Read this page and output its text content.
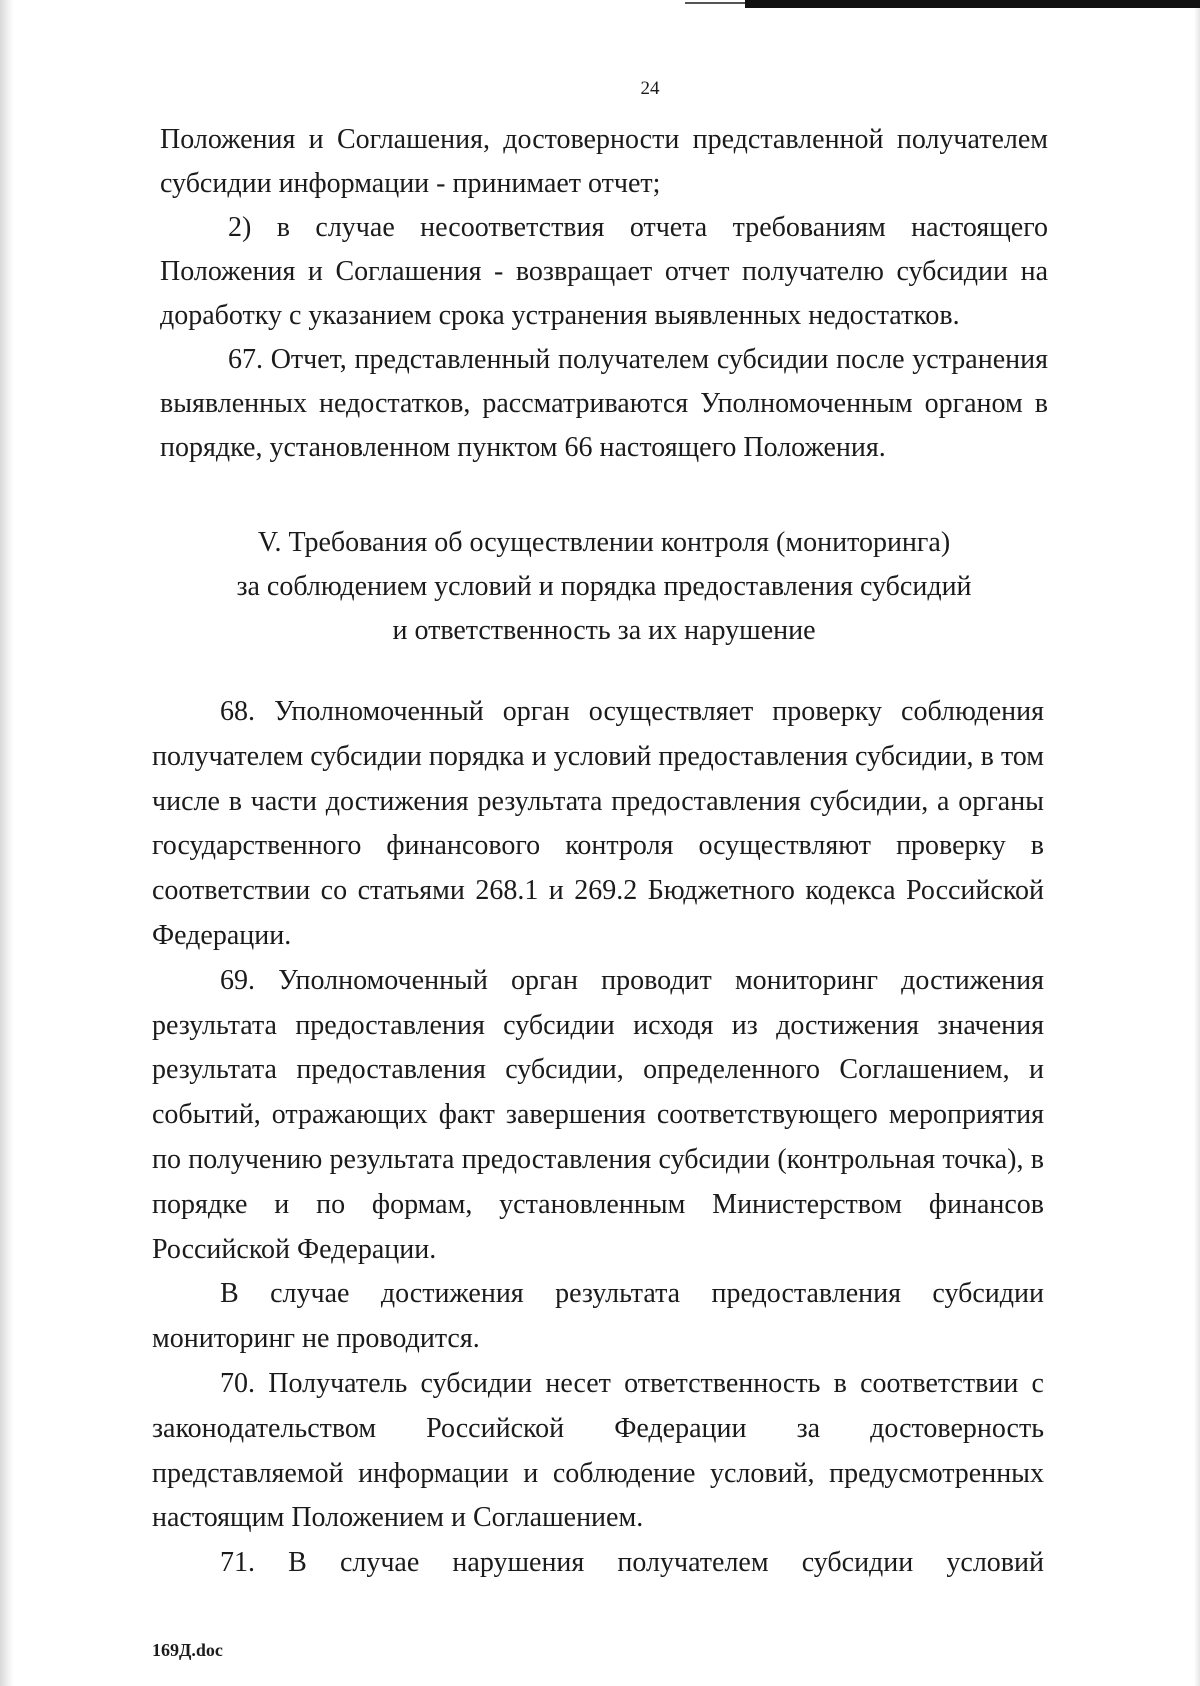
24

Положения и Соглашения, достоверности представленной получателем субсидии информации - принимает отчет;

2) в случае несоответствия отчета требованиям настоящего Положения и Соглашения - возвращает отчет получателю субсидии на доработку с указанием срока устранения выявленных недостатков.

67. Отчет, представленный получателем субсидии после устранения выявленных недостатков, рассматриваются Уполномоченным органом в порядке, установленном пунктом 66 настоящего Положения.

V. Требования об осуществлении контроля (мониторинга)
за соблюдением условий и порядка предоставления субсидий
и ответственность за их нарушение

68. Уполномоченный орган осуществляет проверку соблюдения получателем субсидии порядка и условий предоставления субсидии, в том числе в части достижения результата предоставления субсидии, а органы государственного финансового контроля осуществляют проверку в соответствии со статьями 268.1 и 269.2 Бюджетного кодекса Российской Федерации.

69. Уполномоченный орган проводит мониторинг достижения результата предоставления субсидии исходя из достижения значения результата предоставления субсидии, определенного Соглашением, и событий, отражающих факт завершения соответствующего мероприятия по получению результата предоставления субсидии (контрольная точка), в порядке и по формам, установленным Министерством финансов Российской Федерации.

В случае достижения результата предоставления субсидии мониторинг не проводится.

70. Получатель субсидии несет ответственность в соответствии с законодательством Российской Федерации за достоверность представляемой информации и соблюдение условий, предусмотренных настоящим Положением и Соглашением.

71. В случае нарушения получателем субсидии условий

169Д.doc
